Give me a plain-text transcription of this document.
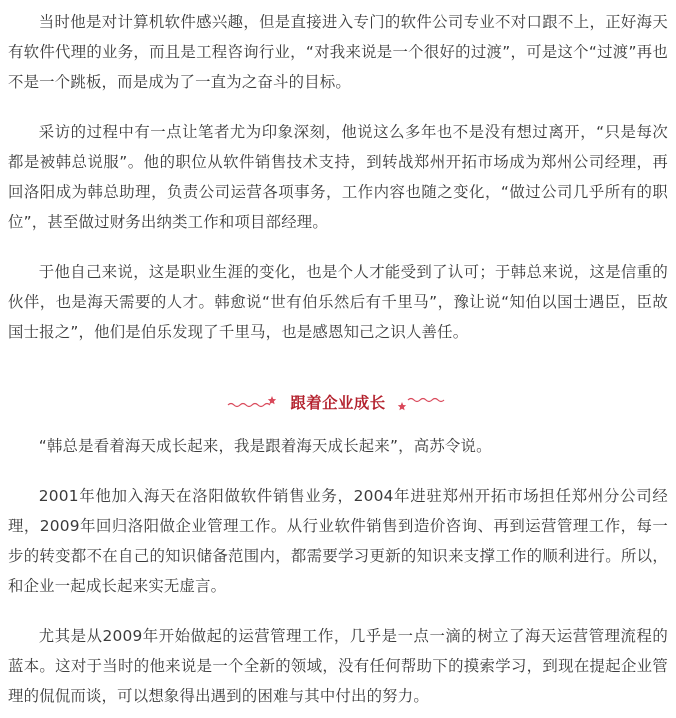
当时他是对计算机软件感兴趣，但是直接进入专门的软件公司专业不对口跟不上，正好海天有软件代理的业务，而且是工程咨询行业，“对我来说是一个很好的过渡”，可是这个“过渡”再也不是一个跳板，而是成为了一直为之奋斗的目标。

采访的过程中有一点让笔者尤为印象深刻，他说这么多年也不是没有想过离开，“只是每次都是被韩总说服”。他的职位从软件销售技术支持，到转战郑州开拓市场成为郑州公司经理，再回洛阳成为韩总助理，负责公司运营各项事务，工作内容也随之变化，“做过公司几乎所有的职位”，甚至做过财务出纳类工作和项目部经理。

于他自己来说，这是职业生涯的变化，也是个人才能受到了认可；于韩总来说，这是信重的伙伴，也是海天需要的人才。韩愈说“世有伯乐然后有千里马”，豫让说“知伯以国士遇臣，臣故国士报之”，他们是伯乐发现了千里马，也是感恩知己之识人善任。

跟着企业成长

“韩总是看着海天成长起来，我是跟着海天成长起来”，高苏令说。

2001年他加入海天在洛阳做软件销售业务，2004年进驻郑州开拓市场担任郑州分公司经理，2009年回归洛阳做企业管理工作。从行业软件销售到造价咨询、再到运营管理工作，每一步的转变都不在自己的知识储备范围内，都需要学习更新的知识来支撑工作的顺利进行。所以，和企业一起成长起来实无虚言。

尤其是从2009年开始做起的运营管理工作，几乎是一点一滴的树立了海天运营管理流程的蓝本。这对于当时的他来说是一个全新的领域，没有任何帮助下的摸索学习，到现在提起企业管理的侃侃而谈，可以想象得出遇到的困难与其中付出的努力。
